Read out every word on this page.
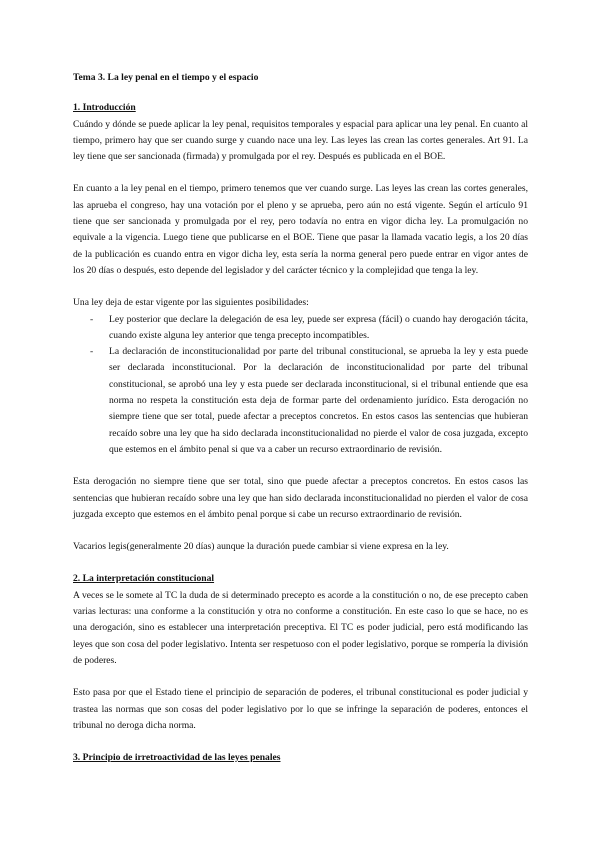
Tema 3. La ley penal en el tiempo y el espacio

1. Introducción

Cuándo y dónde se puede aplicar la ley penal, requisitos temporales y espacial para aplicar una ley penal. En cuanto al tiempo, primero hay que ser cuando surge y cuando nace una ley. Las leyes las crean las cortes generales. Art 91. La ley tiene que ser sancionada (firmada) y promulgada por el rey. Después es publicada en el BOE.

En cuanto a la ley penal en el tiempo, primero tenemos que ver cuando surge. Las leyes las crean las cortes generales, las aprueba el congreso, hay una votación por el pleno y se aprueba, pero aún no está vigente. Según el artículo 91 tiene que ser sancionada y promulgada por el rey, pero todavía no entra en vigor dicha ley. La promulgación no equivale a la vigencia. Luego tiene que publicarse en el BOE. Tiene que pasar la llamada vacatio legis, a los 20 días de la publicación es cuando entra en vigor dicha ley, esta sería la norma general pero puede entrar en vigor antes de los 20 días o después, esto depende del legislador y del carácter técnico y la complejidad que tenga la ley.

Una ley deja de estar vigente por las siguientes posibilidades:

- Ley posterior que declare la delegación de esa ley, puede ser expresa (fácil) o cuando hay derogación tácita, cuando existe alguna ley anterior que tenga precepto incompatibles.
- La declaración de inconstitucionalidad por parte del tribunal constitucional, se aprueba la ley y esta puede ser declarada inconstitucional. Por la declaración de inconstitucionalidad por parte del tribunal constitucional, se aprobó una ley y esta puede ser declarada inconstitucional, si el tribunal entiende que esa norma no respeta la constitución esta deja de formar parte del ordenamiento jurídico. Esta derogación no siempre tiene que ser total, puede afectar a preceptos concretos. En estos casos las sentencias que hubieran recaído sobre una ley que ha sido declarada inconstitucionalidad no pierde el valor de cosa juzgada, excepto que estemos en el ámbito penal si que va a caber un recurso extraordinario de revisión.

Esta derogación no siempre tiene que ser total, sino que puede afectar a preceptos concretos. En estos casos las sentencias que hubieran recaído sobre una ley que han sido declarada inconstitucionalidad no pierden el valor de cosa juzgada excepto que estemos en el ámbito penal porque si cabe un recurso extraordinario de revisión.

Vacarios legis(generalmente 20 días) aunque la duración puede cambiar si viene expresa en la ley.

2. La interpretación constitucional

A veces se le somete al TC la duda de si determinado precepto es acorde a la constitución o no, de ese precepto caben varias lecturas: una conforme a la constitución y otra no conforme a constitución. En este caso lo que se hace, no es una derogación, sino es establecer una interpretación preceptiva. El TC es poder judicial, pero está modificando las leyes que son cosa del poder legislativo. Intenta ser respetuoso con el poder legislativo, porque se rompería la división de poderes.

Esto pasa por que el Estado tiene el principio de separación de poderes, el tribunal constitucional es poder judicial y trastea las normas que son cosas del poder legislativo por lo que se infringe la separación de poderes, entonces el tribunal no deroga dicha norma.

3. Principio de irretroactividad de las leyes penales
